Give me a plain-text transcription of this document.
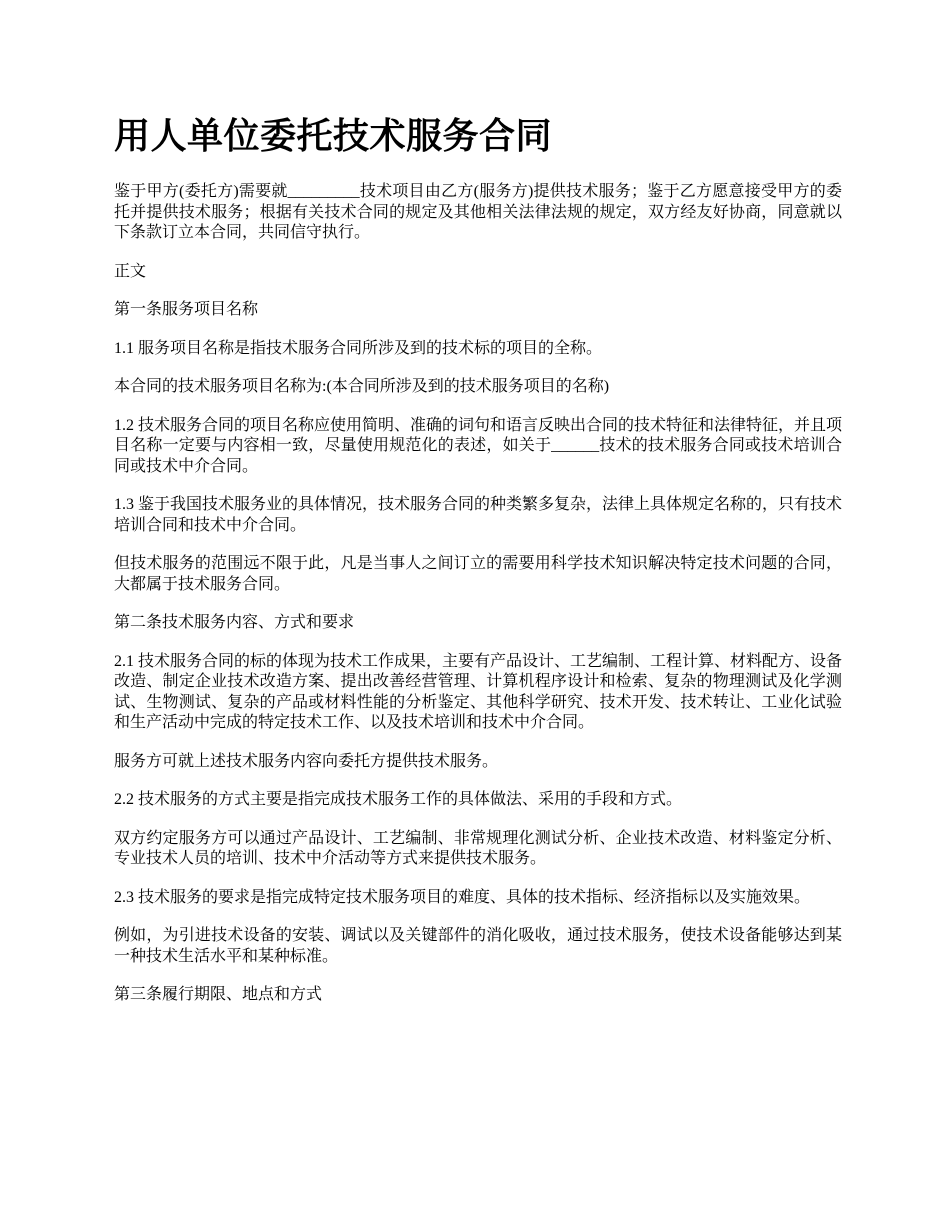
用人单位委托技术服务合同

鉴于甲方(委托方)需要就_________技术项目由乙方(服务方)提供技术服务；鉴于乙方愿意接受甲方的委托并提供技术服务；根据有关技术合同的规定及其他相关法律法规的规定，双方经友好协商，同意就以下条款订立本合同，共同信守执行。

正文

第一条服务项目名称

1.1 服务项目名称是指技术服务合同所涉及到的技术标的项目的全称。

本合同的技术服务项目名称为:(本合同所涉及到的技术服务项目的名称)

1.2 技术服务合同的项目名称应使用简明、准确的词句和语言反映出合同的技术特征和法律特征，并且项目名称一定要与内容相一致，尽量使用规范化的表述，如关于______技术的技术服务合同或技术培训合同或技术中介合同。

1.3 鉴于我国技术服务业的具体情况，技术服务合同的种类繁多复杂，法律上具体规定名称的，只有技术培训合同和技术中介合同。

但技术服务的范围远不限于此，凡是当事人之间订立的需要用科学技术知识解决特定技术问题的合同，大都属于技术服务合同。

第二条技术服务内容、方式和要求

2.1 技术服务合同的标的体现为技术工作成果，主要有产品设计、工艺编制、工程计算、材料配方、设备改造、制定企业技术改造方案、提出改善经营管理、计算机程序设计和检索、复杂的物理测试及化学测试、生物测试、复杂的产品或材料性能的分析鉴定、其他科学研究、技术开发、技术转让、工业化试验和生产活动中完成的特定技术工作、以及技术培训和技术中介合同。

服务方可就上述技术服务内容向委托方提供技术服务。

2.2 技术服务的方式主要是指完成技术服务工作的具体做法、采用的手段和方式。

双方约定服务方可以通过产品设计、工艺编制、非常规理化测试分析、企业技术改造、材料鉴定分析、专业技术人员的培训、技术中介活动等方式来提供技术服务。

2.3 技术服务的要求是指完成特定技术服务项目的难度、具体的技术指标、经济指标以及实施效果。

例如，为引进技术设备的安装、调试以及关键部件的消化吸收，通过技术服务，使技术设备能够达到某一种技术生活水平和某种标准。

第三条履行期限、地点和方式
